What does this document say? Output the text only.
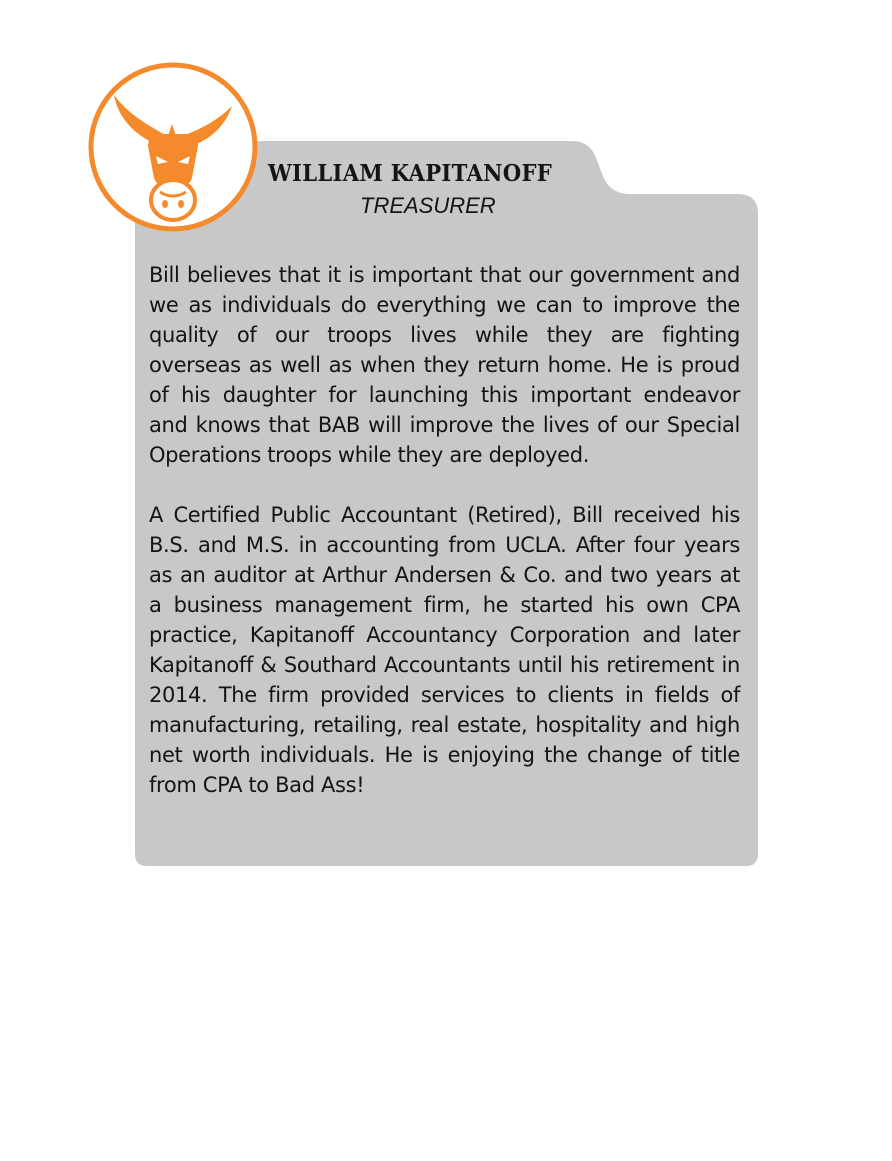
WILLIAM KAPITANOFF
TREASURER

Bill believes that it is important that our government and we as individuals do everything we can to improve the quality of our troops lives while they are fighting overseas as well as when they return home. He is proud of his daughter for launching this important endeavor and knows that BAB will improve the lives of our Special Operations troops while they are deployed.

A Certified Public Accountant (Retired), Bill received his B.S. and M.S. in accounting from UCLA. After four years as an auditor at Arthur Andersen & Co. and two years at a business management firm, he started his own CPA practice, Kapitanoff Accountancy Corporation and later Kapitanoff & Southard Accountants until his retirement in 2014. The firm provided services to clients in fields of manufacturing, retailing, real estate, hospitality and high net worth individuals. He is enjoying the change of title from CPA to Bad Ass!
